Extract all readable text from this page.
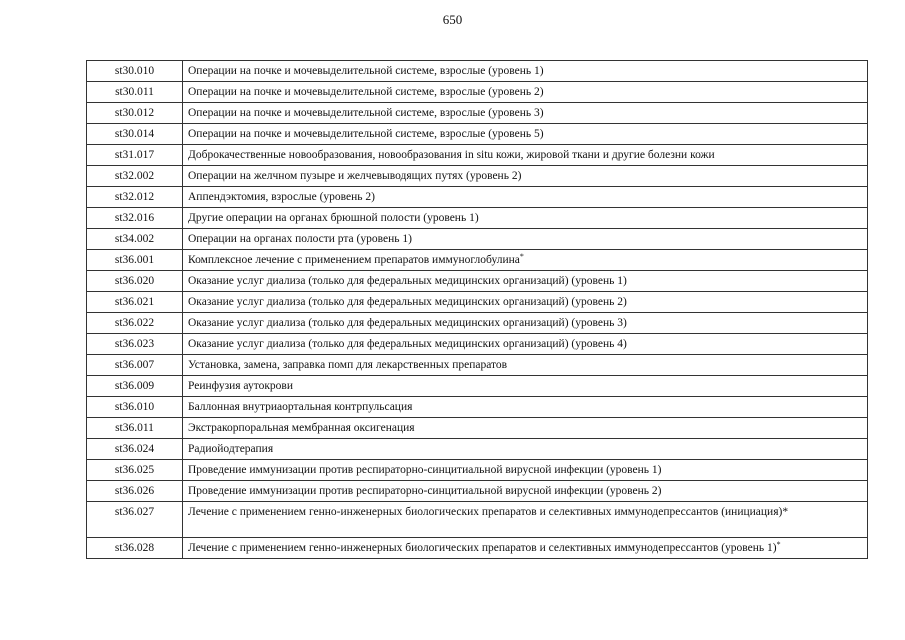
650
st30.010	Операции на почке и мочевыделительной системе, взрослые (уровень 1)
st30.011	Операции на почке и мочевыделительной системе, взрослые (уровень 2)
st30.012	Операции на почке и мочевыделительной системе, взрослые (уровень 3)
st30.014	Операции на почке и мочевыделительной системе, взрослые (уровень 5)
st31.017	Доброкачественные новообразования, новообразования in situ кожи, жировой ткани и другие болезни кожи
st32.002	Операции на желчном пузыре и желчевыводящих путях (уровень 2)
st32.012	Аппендэктомия, взрослые (уровень 2)
st32.016	Другие операции на органах брюшной полости (уровень 1)
st34.002	Операции на органах полости рта (уровень 1)
st36.001	Комплексное лечение с применением препаратов иммуноглобулина*
st36.020	Оказание услуг диализа (только для федеральных медицинских организаций) (уровень 1)
st36.021	Оказание услуг диализа (только для федеральных медицинских организаций) (уровень 2)
st36.022	Оказание услуг диализа (только для федеральных медицинских организаций) (уровень 3)
st36.023	Оказание услуг диализа (только для федеральных медицинских организаций) (уровень 4)
st36.007	Установка, замена, заправка помп для лекарственных препаратов
st36.009	Реинфузия аутокрови
st36.010	Баллонная внутриаортальная контрпульсация
st36.011	Экстракорпоральная мембранная оксигенация
st36.024	Радиойодтерапия
st36.025	Проведение иммунизации против респираторно-синцитиальной вирусной инфекции (уровень 1)
st36.026	Проведение иммунизации против респираторно-синцитиальной вирусной инфекции (уровень 2)
st36.027	Лечение с применением генно-инженерных биологических препаратов и селективных иммунодепрессантов (инициация)*
st36.028	Лечение с применением генно-инженерных биологических препаратов и селективных иммунодепрессантов (уровень 1)*
